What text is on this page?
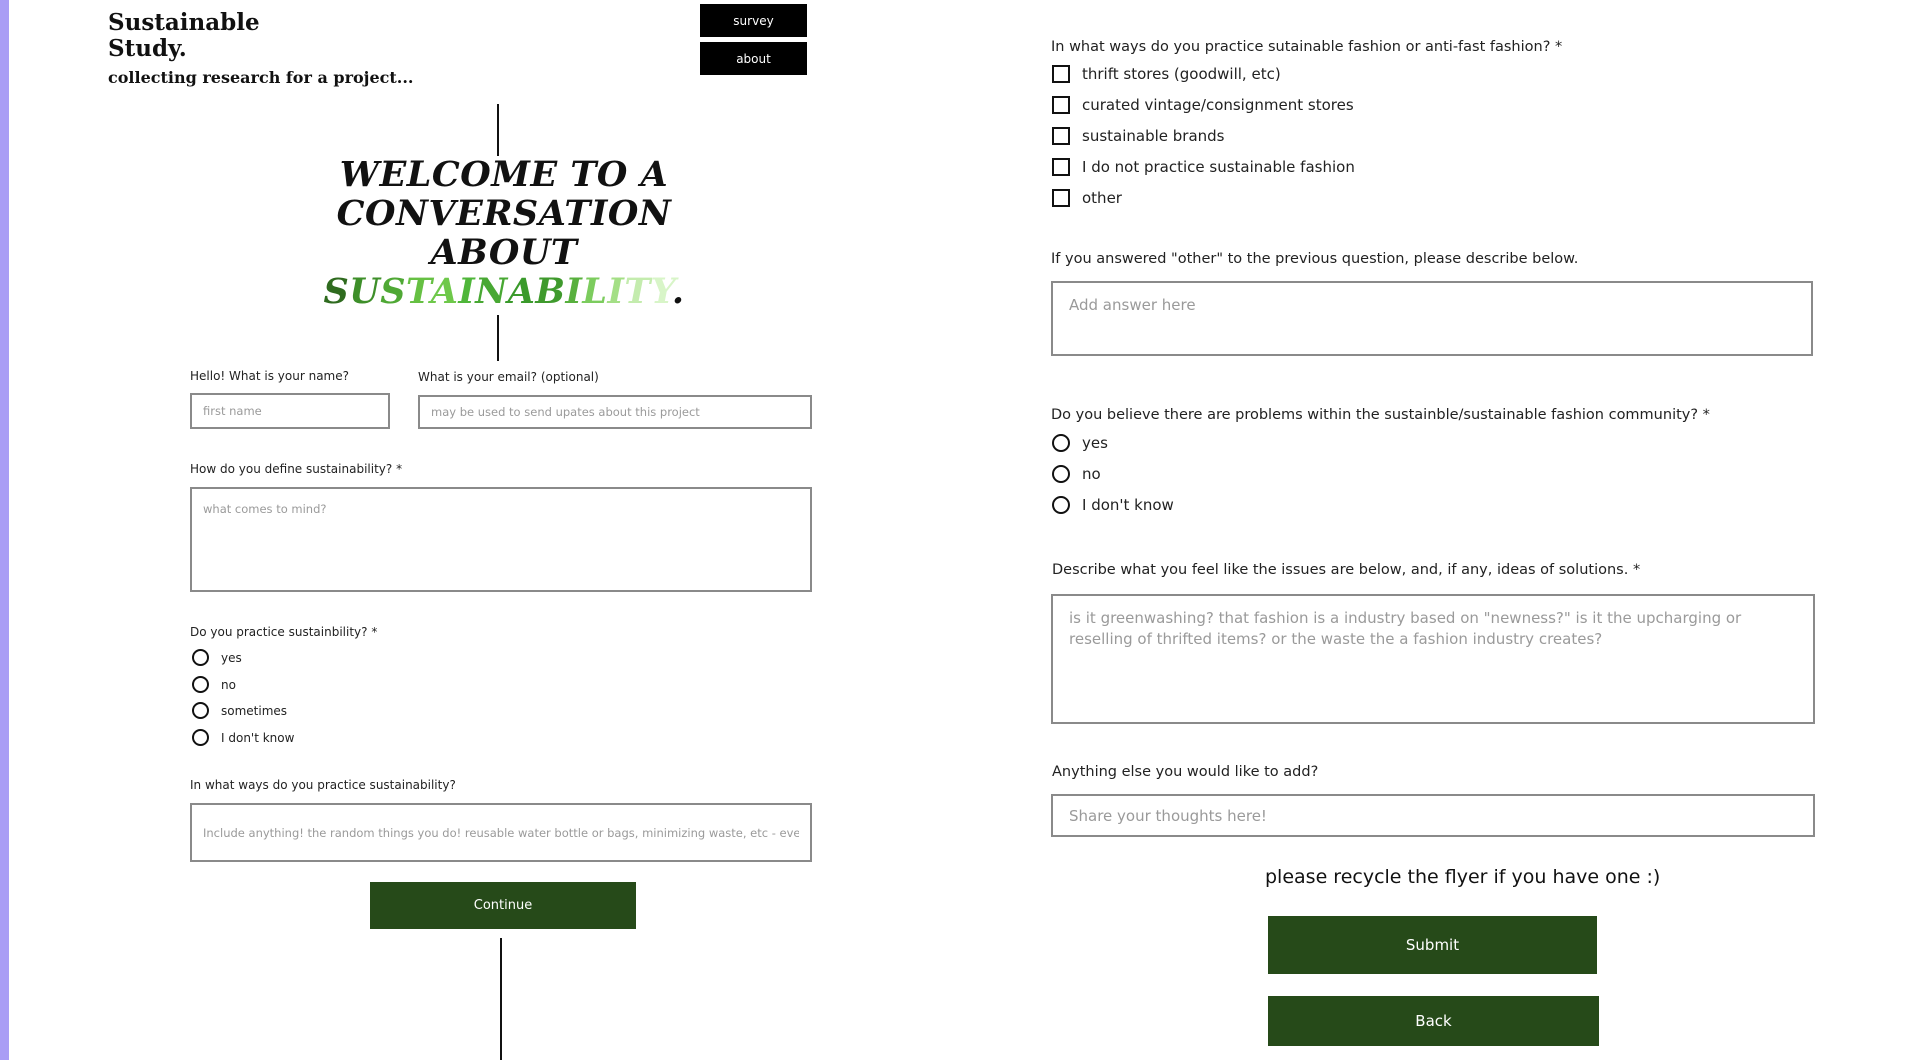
Sustainable Study.
collecting research for a project...
survey
about
WELCOME TO A
CONVERSATION
ABOUT
SUSTAINABILITY.

Hello! What is your name?

first name	What is your email? (optional)

may be used to send upates about this project

How do you define sustainability? *

what comes to mind?

Do you practice sustainbility? *

yes
no
sometimes
I don't know

In what ways do you practice sustainability?

Include anything! the random things you do! reusable water bottle or bags, minimizing waste, etc - everythi...
Continue

In what ways do you practice sutainable fashion or anti-fast fashion? *

thrift stores (goodwill, etc)
curated vintage/consignment stores
sustainable brands
I do not practice sustainable fashion
other

If you answered "other" to the previous question, please describe below.

Add answer here

Do you believe there are problems within the sustainble/sustainable fashion community? *

yes
no
I don't know

Describe what you feel like the issues are below, and, if any, ideas of solutions. *

is it greenwashing? that fashion is a industry based on "newness?" is it the upcharging or reselling of thrifted items? or the waste the a fashion industry creates?

Anything else you would like to add?

Share your thoughts here!

please recycle the flyer if you have one :)

Submit
Back
